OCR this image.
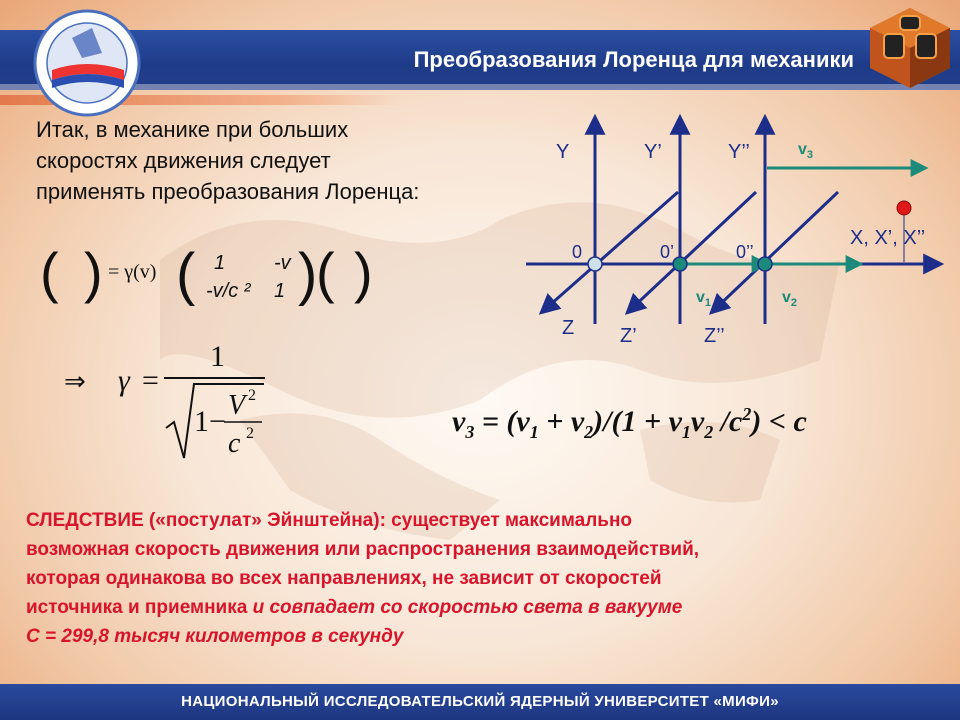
Преобразования Лоренца для механики
Итак, в механике при больших
скоростях движения следует
применять преобразования Лоренца:
( ) = γ(v) ( 1 -v
-v/c ² 1 )
( )
⇒ γ =
1
1− V 2
c 2
Y	Y’	Y’’
X, X’, X’’
Z Z’	Z’’
0	0’	0’’
$v_3$
$v_1$	$v_2$
$v_3 = (v_1 + v_2)/(1 + v_1v_2$ $/c^2) < c$
СЛЕДСТВИЕ («постулат» Эйнштейна): существует максимально
возможная скорость движения или распространения взаимодействий,
которая одинакова во всех направлениях, не зависит от скоростей
источника и приемника и совпадает со скоростью света в вакууме
С = 299,8 тысяч километров в секунду
НАЦИОНАЛЬНЫЙ ИССЛЕДОВАТЕЛЬСКИЙ ЯДЕРНЫЙ УНИВЕРСИТЕТ «МИФИ»
